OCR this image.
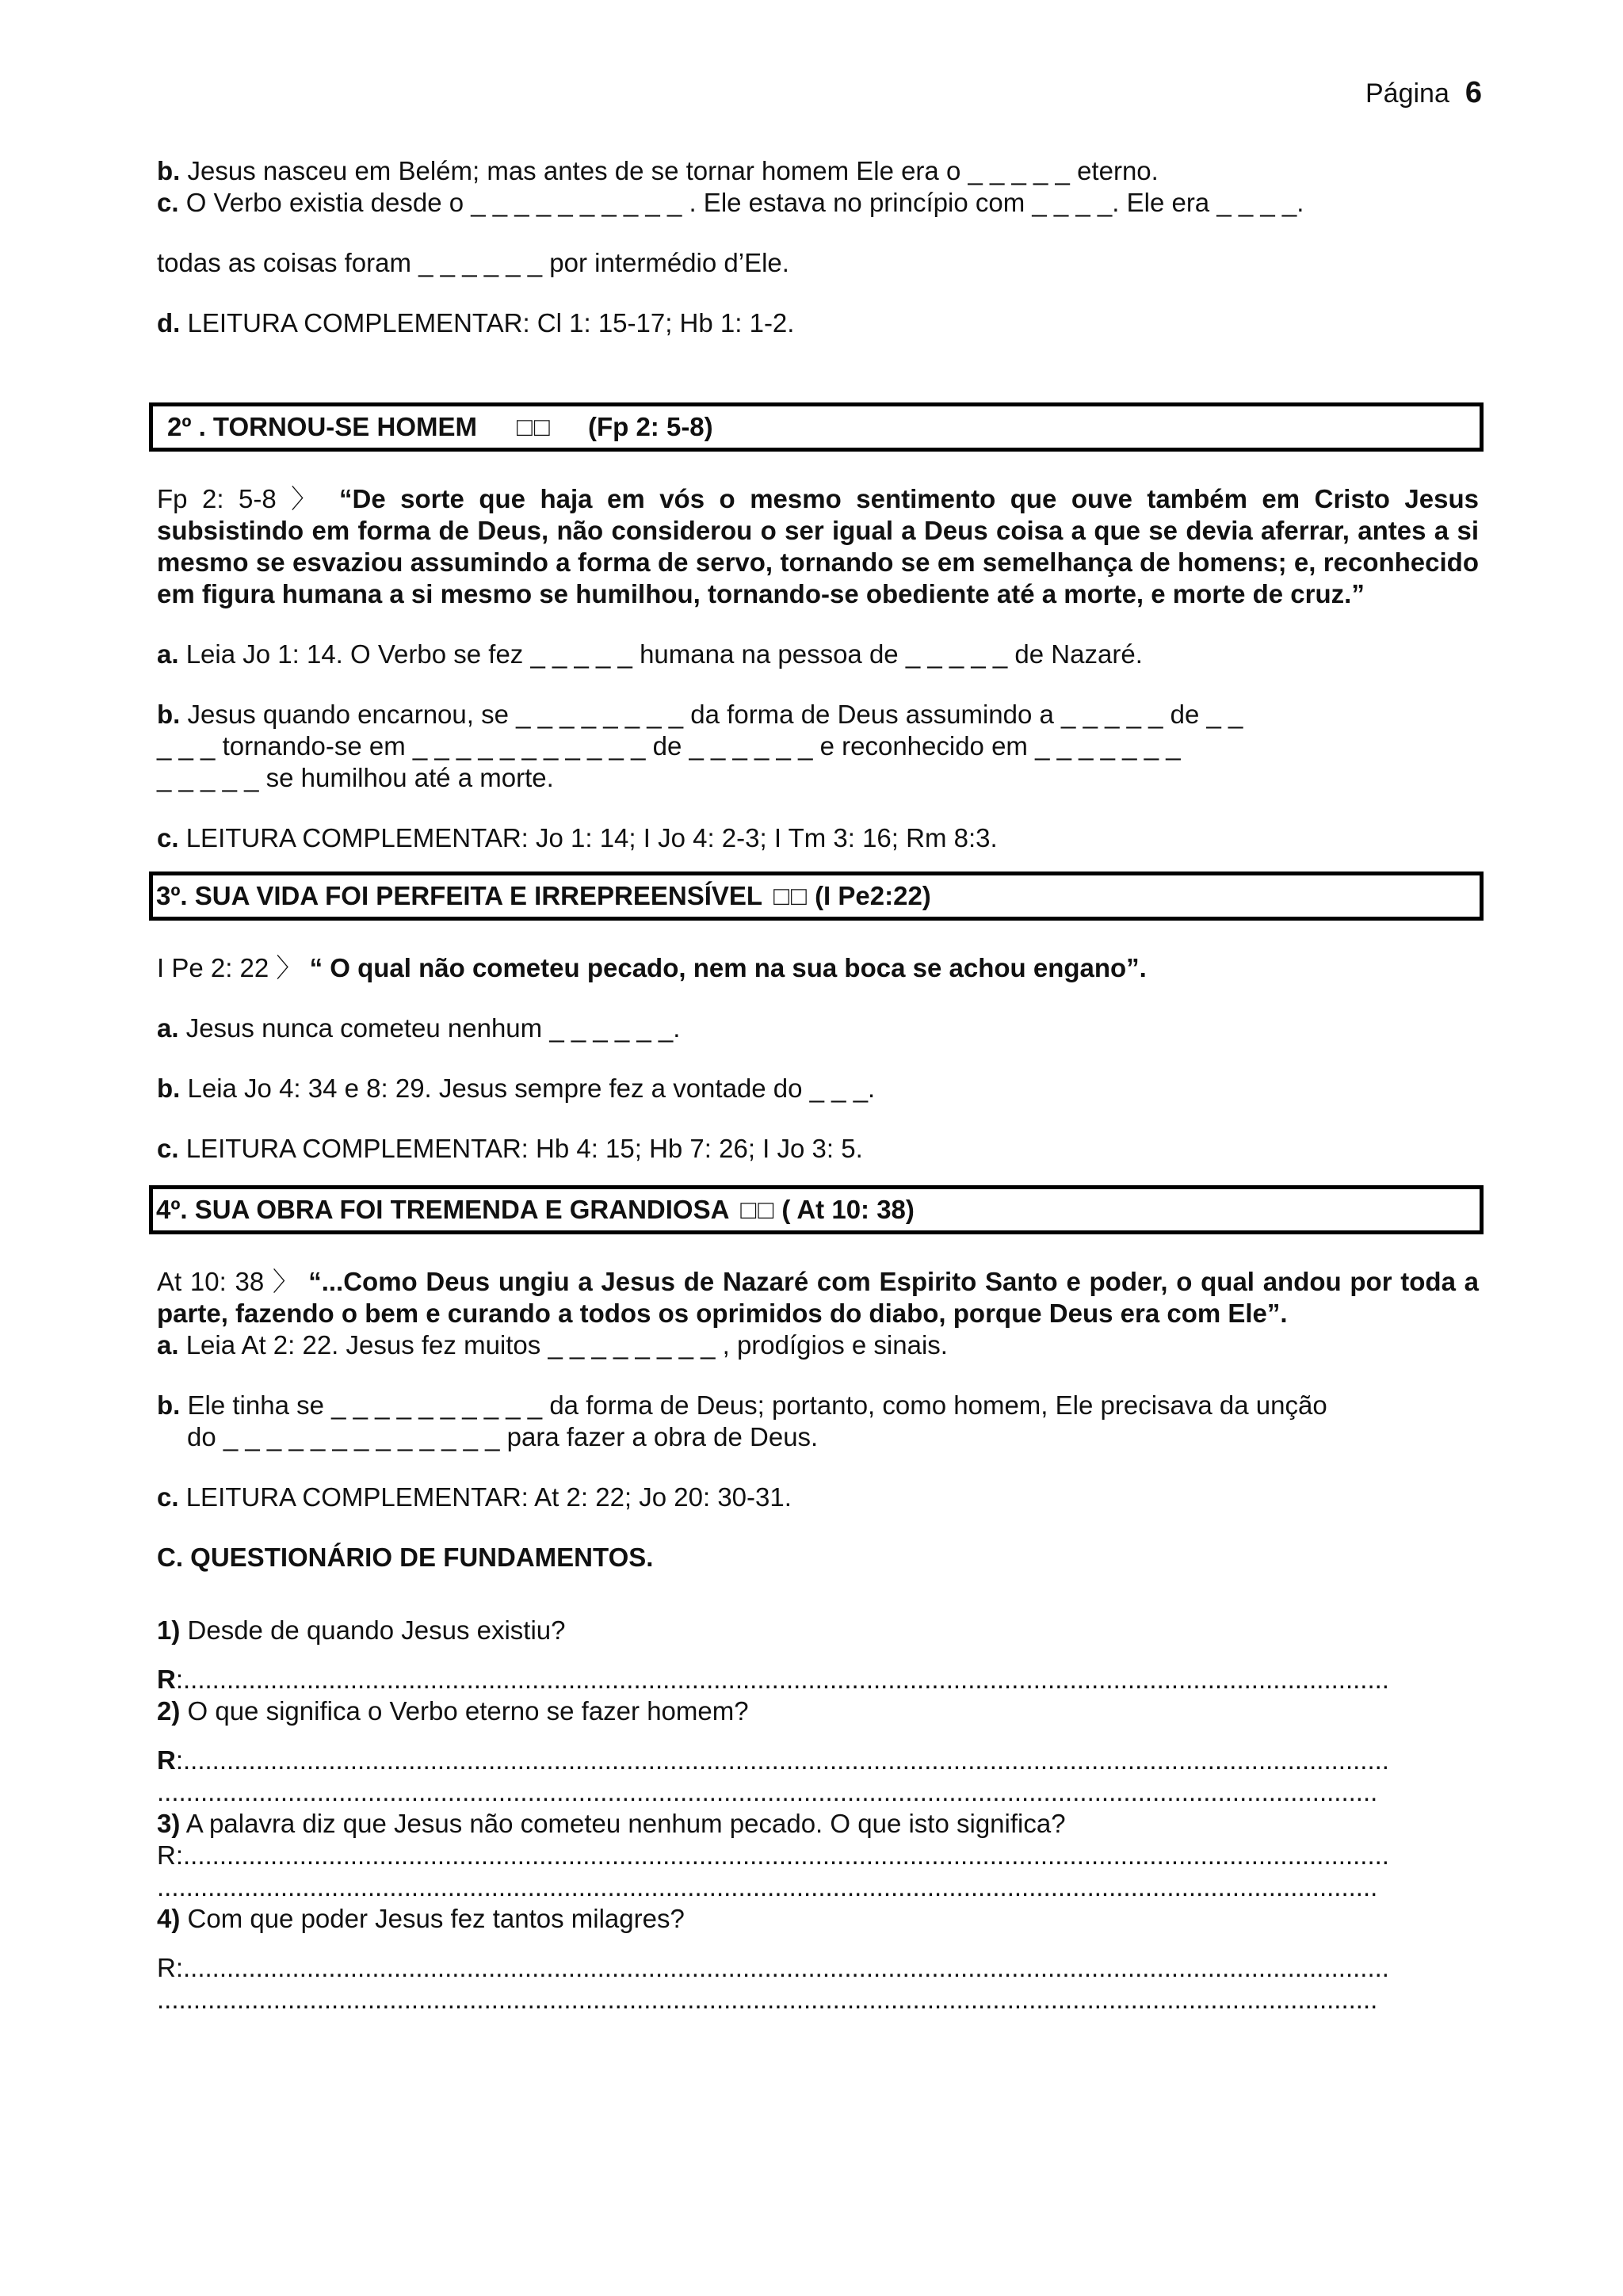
Página 6

b. Jesus nasceu em Belém; mas antes de se tornar homem Ele era o _ _ _ _ _ eterno.

c. O Verbo existia desde o _ _ _ _ _ _ _ _ _ _ . Ele estava no princípio com _ _ _ _. Ele era _ _ _ _.

todas as coisas foram _ _ _ _ _ _ por intermédio d’Ele.

d. LEITURA COMPLEMENTAR: Cl 1: 15-17; Hb 1: 1-2.

2º . TORNOU-SE HOMEM □□ (Fp 2: 5-8)

Fp 2: 5-8 〉 “De sorte que haja em vós o mesmo sentimento que ouve também em Cristo Jesus subsistindo em forma de Deus, não considerou o ser igual a Deus coisa a que se devia aferrar, antes a si mesmo se esvaziou assumindo a forma de servo, tornando se em semelhança de homens; e, reconhecido em figura humana a si mesmo se humilhou, tornando-se obediente até a morte, e morte de cruz.”

a. Leia Jo 1: 14. O Verbo se fez _ _ _ _ _ humana na pessoa de _ _ _ _ _ de Nazaré.

b. Jesus quando encarnou, se _ _ _ _ _ _ _ _ da forma de Deus assumindo a _ _ _ _ _ de _ _

_ _ _ tornando-se em _ _ _ _ _ _ _ _ _ _ _ de _ _ _ _ _ _ e reconhecido em _ _ _ _ _ _ _

_ _ _ _ _ se humilhou até a morte.

c. LEITURA COMPLEMENTAR: Jo 1: 14; I Jo 4: 2-3; I Tm 3: 16; Rm 8:3.

3º. SUA VIDA FOI PERFEITA E IRREPREENSÍVEL □□ (I Pe2:22)

I Pe 2: 22 〉 “ O qual não cometeu pecado, nem na sua boca se achou engano”.

a. Jesus nunca cometeu nenhum _ _ _ _ _ _.

b. Leia Jo 4: 34 e 8: 29. Jesus sempre fez a vontade do _ _ _.

c. LEITURA COMPLEMENTAR: Hb 4: 15; Hb 7: 26; I Jo 3: 5.

4º. SUA OBRA FOI TREMENDA E GRANDIOSA □□ ( At 10: 38)

At 10: 38 〉 “...Como Deus ungiu a Jesus de Nazaré com Espirito Santo e poder, o qual andou por toda a parte, fazendo o bem e curando a todos os oprimidos do diabo, porque Deus era com Ele”.

a. Leia At 2: 22. Jesus fez muitos _ _ _ _ _ _ _ _ , prodígios e sinais.

b. Ele tinha se _ _ _ _ _ _ _ _ _ _ da forma de Deus; portanto, como homem, Ele precisava da unção

do _ _ _ _ _ _ _ _ _ _ _ _ _ para fazer a obra de Deus.

c. LEITURA COMPLEMENTAR: At 2: 22; Jo 20: 30-31.

C. QUESTIONÁRIO DE FUNDAMENTOS.

1) Desde de quando Jesus existiu?

R:......................................................................................................................................................................

2) O que significa o Verbo eterno se fazer homem?

R:......................................................................................................................................................................

........................................................................................................................................................................

3) A palavra diz que Jesus não cometeu nenhum pecado. O que isto significa?

R:......................................................................................................................................................................

........................................................................................................................................................................

4) Com que poder Jesus fez tantos milagres?

R:......................................................................................................................................................................

........................................................................................................................................................................
